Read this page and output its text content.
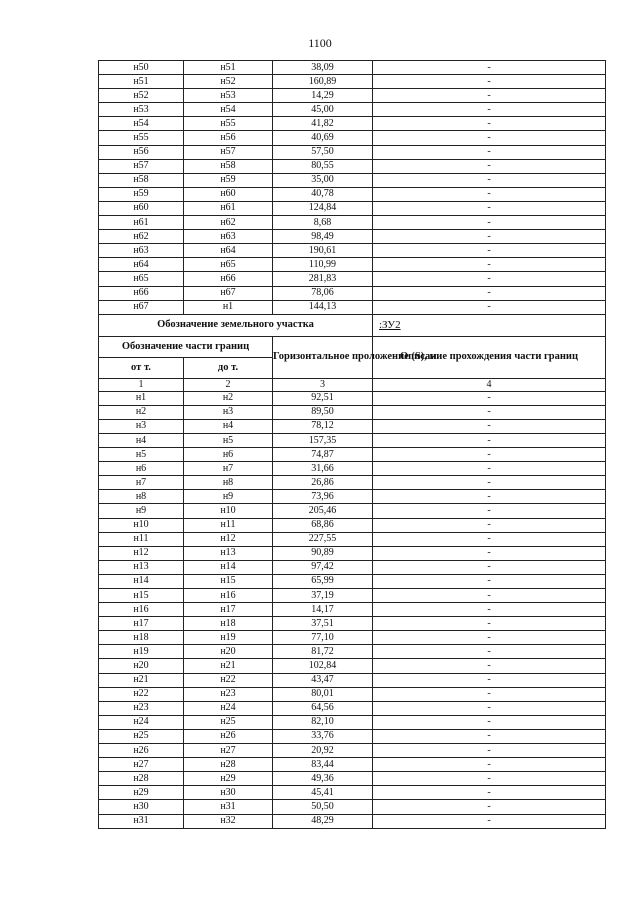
1100
н50	н51	38,09	-
н51	н52	160,89	-
н52	н53	14,29	-
н53	н54	45,00	-
н54	н55	41,82	-
н55	н56	40,69	-
н56	н57	57,50	-
н57	н58	80,55	-
н58	н59	35,00	-
н59	н60	40,78	-
н60	н61	124,84	-
н61	н62	8,68	-
н62	н63	98,49	-
н63	н64	190,61	-
н64	н65	110,99	-
н65	н66	281,83	-
н66	н67	78,06	-
н67	н1	144,13	-
Обозначение земельного участка			:ЗУ2
Обозначение части границ		Горизонтальное проложение (S), м	Описание прохождения части границ
от т.	до т.		
1	2	3	4
н1	н2	92,51	-
н2	н3	89,50	-
н3	н4	78,12	-
н4	н5	157,35	-
н5	н6	74,87	-
н6	н7	31,66	-
н7	н8	26,86	-
н8	н9	73,96	-
н9	н10	205,46	-
н10	н11	68,86	-
н11	н12	227,55	-
н12	н13	90,89	-
н13	н14	97,42	-
н14	н15	65,99	-
н15	н16	37,19	-
н16	н17	14,17	-
н17	н18	37,51	-
н18	н19	77,10	-
н19	н20	81,72	-
н20	н21	102,84	-
н21	н22	43,47	-
н22	н23	80,01	-
н23	н24	64,56	-
н24	н25	82,10	-
н25	н26	33,76	-
н26	н27	20,92	-
н27	н28	83,44	-
н28	н29	49,36	-
н29	н30	45,41	-
н30	н31	50,50	-
н31	н32	48,29	-
